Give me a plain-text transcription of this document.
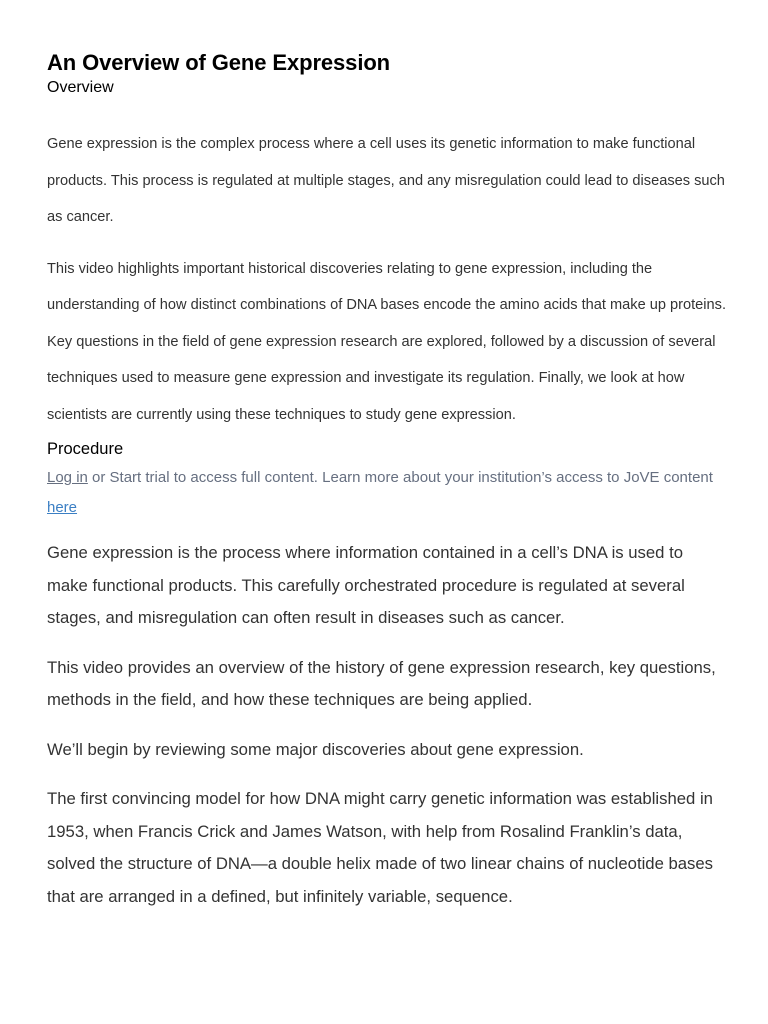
An Overview of Gene Expression
Overview

Gene expression is the complex process where a cell uses its genetic information to make functional products. This process is regulated at multiple stages, and any misregulation could lead to diseases such as cancer.

This video highlights important historical discoveries relating to gene expression, including the understanding of how distinct combinations of DNA bases encode the amino acids that make up proteins. Key questions in the field of gene expression research are explored, followed by a discussion of several techniques used to measure gene expression and investigate its regulation. Finally, we look at how scientists are currently using these techniques to study gene expression.

Procedure
Log in or Start trial to access full content. Learn more about your institution’s access to JoVE content here

Gene expression is the process where information contained in a cell’s DNA is used to make functional products. This carefully orchestrated procedure is regulated at several stages, and misregulation can often result in diseases such as cancer.

This video provides an overview of the history of gene expression research, key questions, methods in the field, and how these techniques are being applied.

We’ll begin by reviewing some major discoveries about gene expression.

The first convincing model for how DNA might carry genetic information was established in 1953, when Francis Crick and James Watson, with help from Rosalind Franklin’s data, solved the structure of DNA—a double helix made of two linear chains of nucleotide bases that are arranged in a defined, but infinitely variable, sequence.
